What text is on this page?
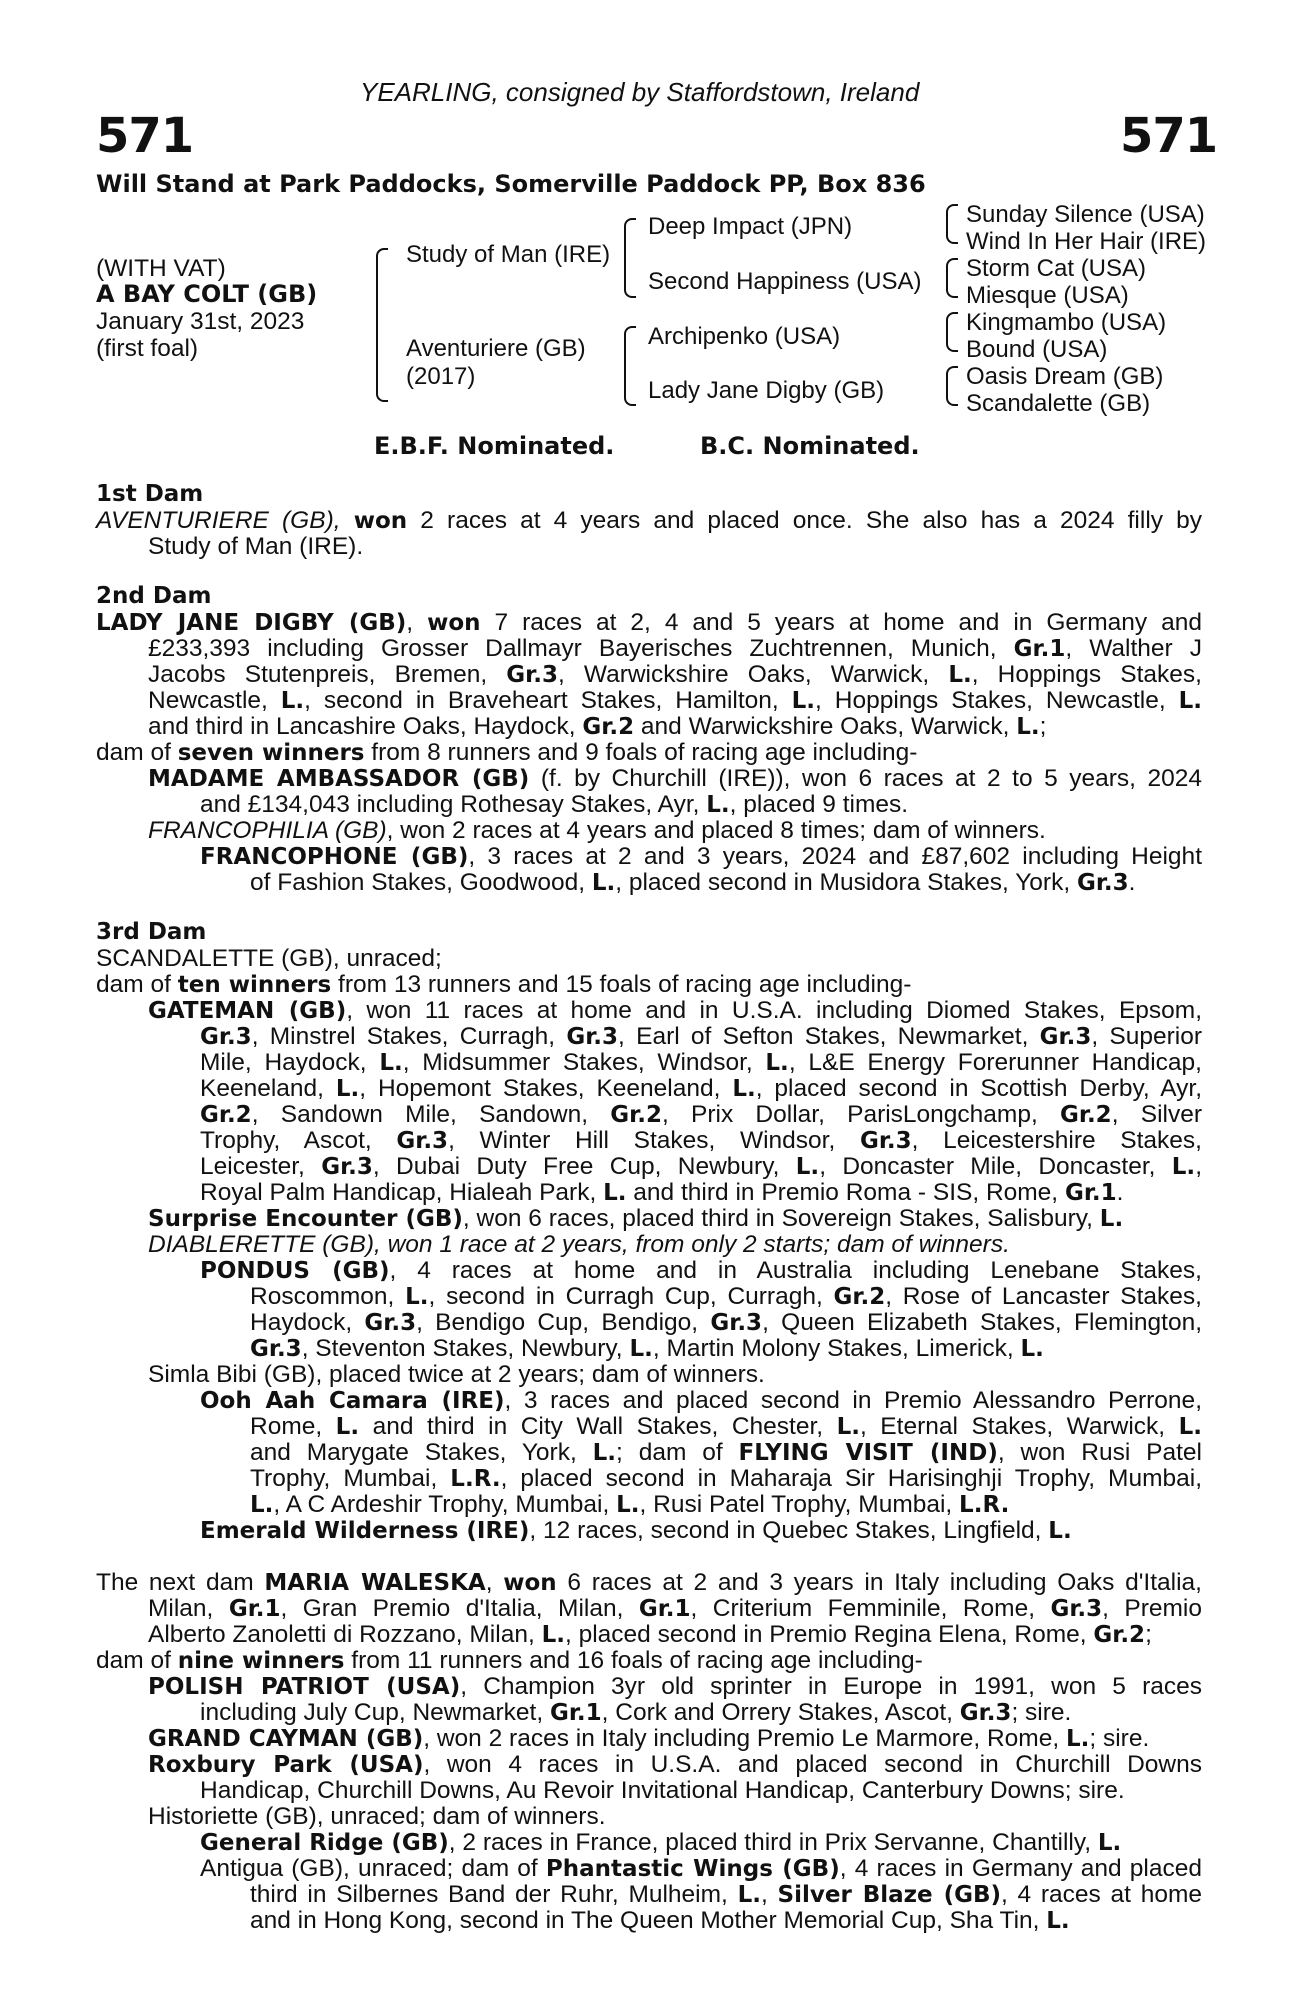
YEARLING, consigned by Staffordstown, Ireland
571	571
Will Stand at Park Paddocks, Somerville Paddock PP, Box 836
(WITH VAT)
A BAY COLT (GB)
January 31st, 2023
(first foal)
Study of Man (IRE)
Aventuriere (GB)
(2017)
Deep Impact (JPN)
Second Happiness (USA)
Archipenko (USA)
Lady Jane Digby (GB)
Sunday Silence (USA)
Wind In Her Hair (IRE)
Storm Cat (USA)
Miesque (USA)
Kingmambo (USA)
Bound (USA)
Oasis Dream (GB)
Scandalette (GB)
E.B.F. Nominated.	B.C. Nominated.
1st Dam
AVENTURIERE (GB), won 2 races at 4 years and placed once. She also has a 2024 filly by
Study of Man (IRE).
2nd Dam
LADY JANE DIGBY (GB), won 7 races at 2, 4 and 5 years at home and in Germany and
£233,393 including Grosser Dallmayr Bayerisches Zuchtrennen, Munich, Gr.1, Walther J
Jacobs Stutenpreis, Bremen, Gr.3, Warwickshire Oaks, Warwick, L., Hoppings Stakes,
Newcastle, L., second in Braveheart Stakes, Hamilton, L., Hoppings Stakes, Newcastle, L.
and third in Lancashire Oaks, Haydock, Gr.2 and Warwickshire Oaks, Warwick, L.;
dam of seven winners from 8 runners and 9 foals of racing age including-
MADAME AMBASSADOR (GB) (f. by Churchill (IRE)), won 6 races at 2 to 5 years, 2024
and £134,043 including Rothesay Stakes, Ayr, L., placed 9 times.
FRANCOPHILIA (GB), won 2 races at 4 years and placed 8 times; dam of winners.
FRANCOPHONE (GB), 3 races at 2 and 3 years, 2024 and £87,602 including Height
of Fashion Stakes, Goodwood, L., placed second in Musidora Stakes, York, Gr.3.
3rd Dam
SCANDALETTE (GB), unraced;
dam of ten winners from 13 runners and 15 foals of racing age including-
GATEMAN (GB), won 11 races at home and in U.S.A. including Diomed Stakes, Epsom,
Gr.3, Minstrel Stakes, Curragh, Gr.3, Earl of Sefton Stakes, Newmarket, Gr.3, Superior
Mile, Haydock, L., Midsummer Stakes, Windsor, L., L&E Energy Forerunner Handicap,
Keeneland, L., Hopemont Stakes, Keeneland, L., placed second in Scottish Derby, Ayr,
Gr.2, Sandown Mile, Sandown, Gr.2, Prix Dollar, ParisLongchamp, Gr.2, Silver
Trophy, Ascot, Gr.3, Winter Hill Stakes, Windsor, Gr.3, Leicestershire Stakes,
Leicester, Gr.3, Dubai Duty Free Cup, Newbury, L., Doncaster Mile, Doncaster, L.,
Royal Palm Handicap, Hialeah Park, L. and third in Premio Roma - SIS, Rome, Gr.1.
Surprise Encounter (GB), won 6 races, placed third in Sovereign Stakes, Salisbury, L.
DIABLERETTE (GB), won 1 race at 2 years, from only 2 starts; dam of winners.
PONDUS (GB), 4 races at home and in Australia including Lenebane Stakes,
Roscommon, L., second in Curragh Cup, Curragh, Gr.2, Rose of Lancaster Stakes,
Haydock, Gr.3, Bendigo Cup, Bendigo, Gr.3, Queen Elizabeth Stakes, Flemington,
Gr.3, Steventon Stakes, Newbury, L., Martin Molony Stakes, Limerick, L.
Simla Bibi (GB), placed twice at 2 years; dam of winners.
Ooh Aah Camara (IRE), 3 races and placed second in Premio Alessandro Perrone,
Rome, L. and third in City Wall Stakes, Chester, L., Eternal Stakes, Warwick, L.
and Marygate Stakes, York, L.; dam of FLYING VISIT (IND), won Rusi Patel
Trophy, Mumbai, L.R., placed second in Maharaja Sir Harisinghji Trophy, Mumbai,
L., A C Ardeshir Trophy, Mumbai, L., Rusi Patel Trophy, Mumbai, L.R.
Emerald Wilderness (IRE), 12 races, second in Quebec Stakes, Lingfield, L.
The next dam MARIA WALESKA, won 6 races at 2 and 3 years in Italy including Oaks d'Italia,
Milan, Gr.1, Gran Premio d'Italia, Milan, Gr.1, Criterium Femminile, Rome, Gr.3, Premio
Alberto Zanoletti di Rozzano, Milan, L., placed second in Premio Regina Elena, Rome, Gr.2;
dam of nine winners from 11 runners and 16 foals of racing age including-
POLISH PATRIOT (USA), Champion 3yr old sprinter in Europe in 1991, won 5 races
including July Cup, Newmarket, Gr.1, Cork and Orrery Stakes, Ascot, Gr.3; sire.
GRAND CAYMAN (GB), won 2 races in Italy including Premio Le Marmore, Rome, L.; sire.
Roxbury Park (USA), won 4 races in U.S.A. and placed second in Churchill Downs
Handicap, Churchill Downs, Au Revoir Invitational Handicap, Canterbury Downs; sire.
Historiette (GB), unraced; dam of winners.
General Ridge (GB), 2 races in France, placed third in Prix Servanne, Chantilly, L.
Antigua (GB), unraced; dam of Phantastic Wings (GB), 4 races in Germany and placed
third in Silbernes Band der Ruhr, Mulheim, L., Silver Blaze (GB), 4 races at home
and in Hong Kong, second in The Queen Mother Memorial Cup, Sha Tin, L.
